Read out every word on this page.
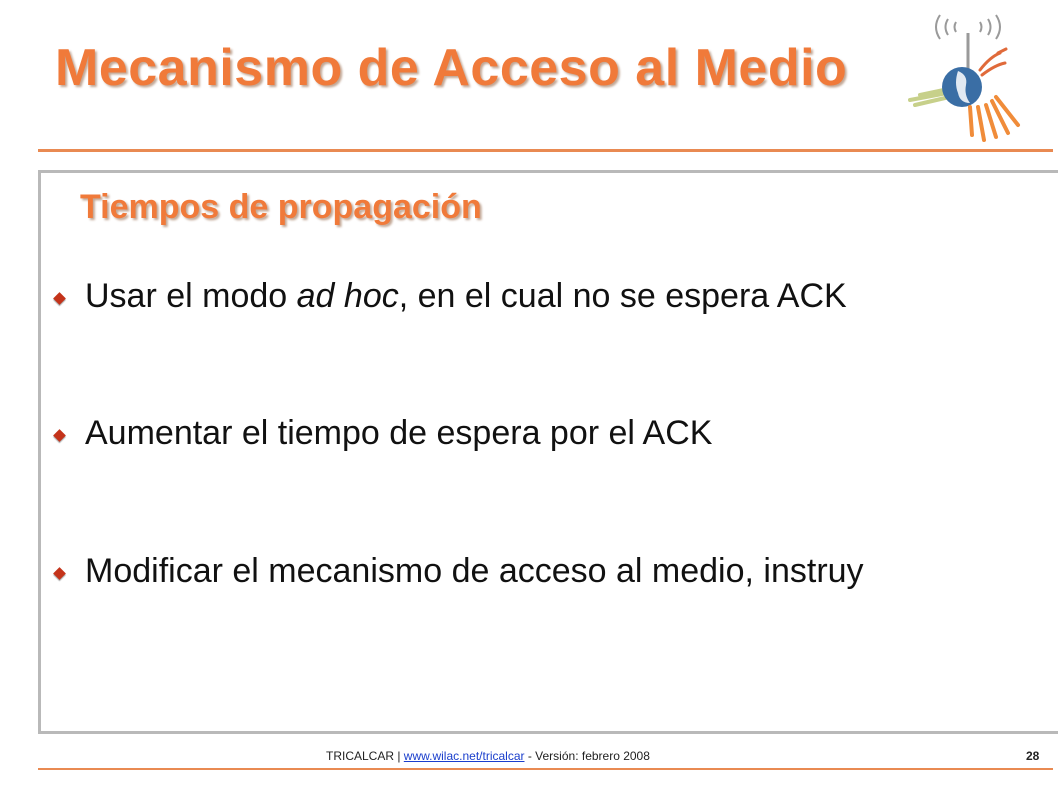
Mecanismo de Acceso al Medio
Tiempos de propagación
Usar el modo ad hoc, en el cual no se espera ACK
Aumentar el tiempo de espera por el ACK
Modificar el mecanismo de acceso al medio, instruy
TRICALCAR | www.wilac.net/tricalcar - Versión: febrero 2008	28
